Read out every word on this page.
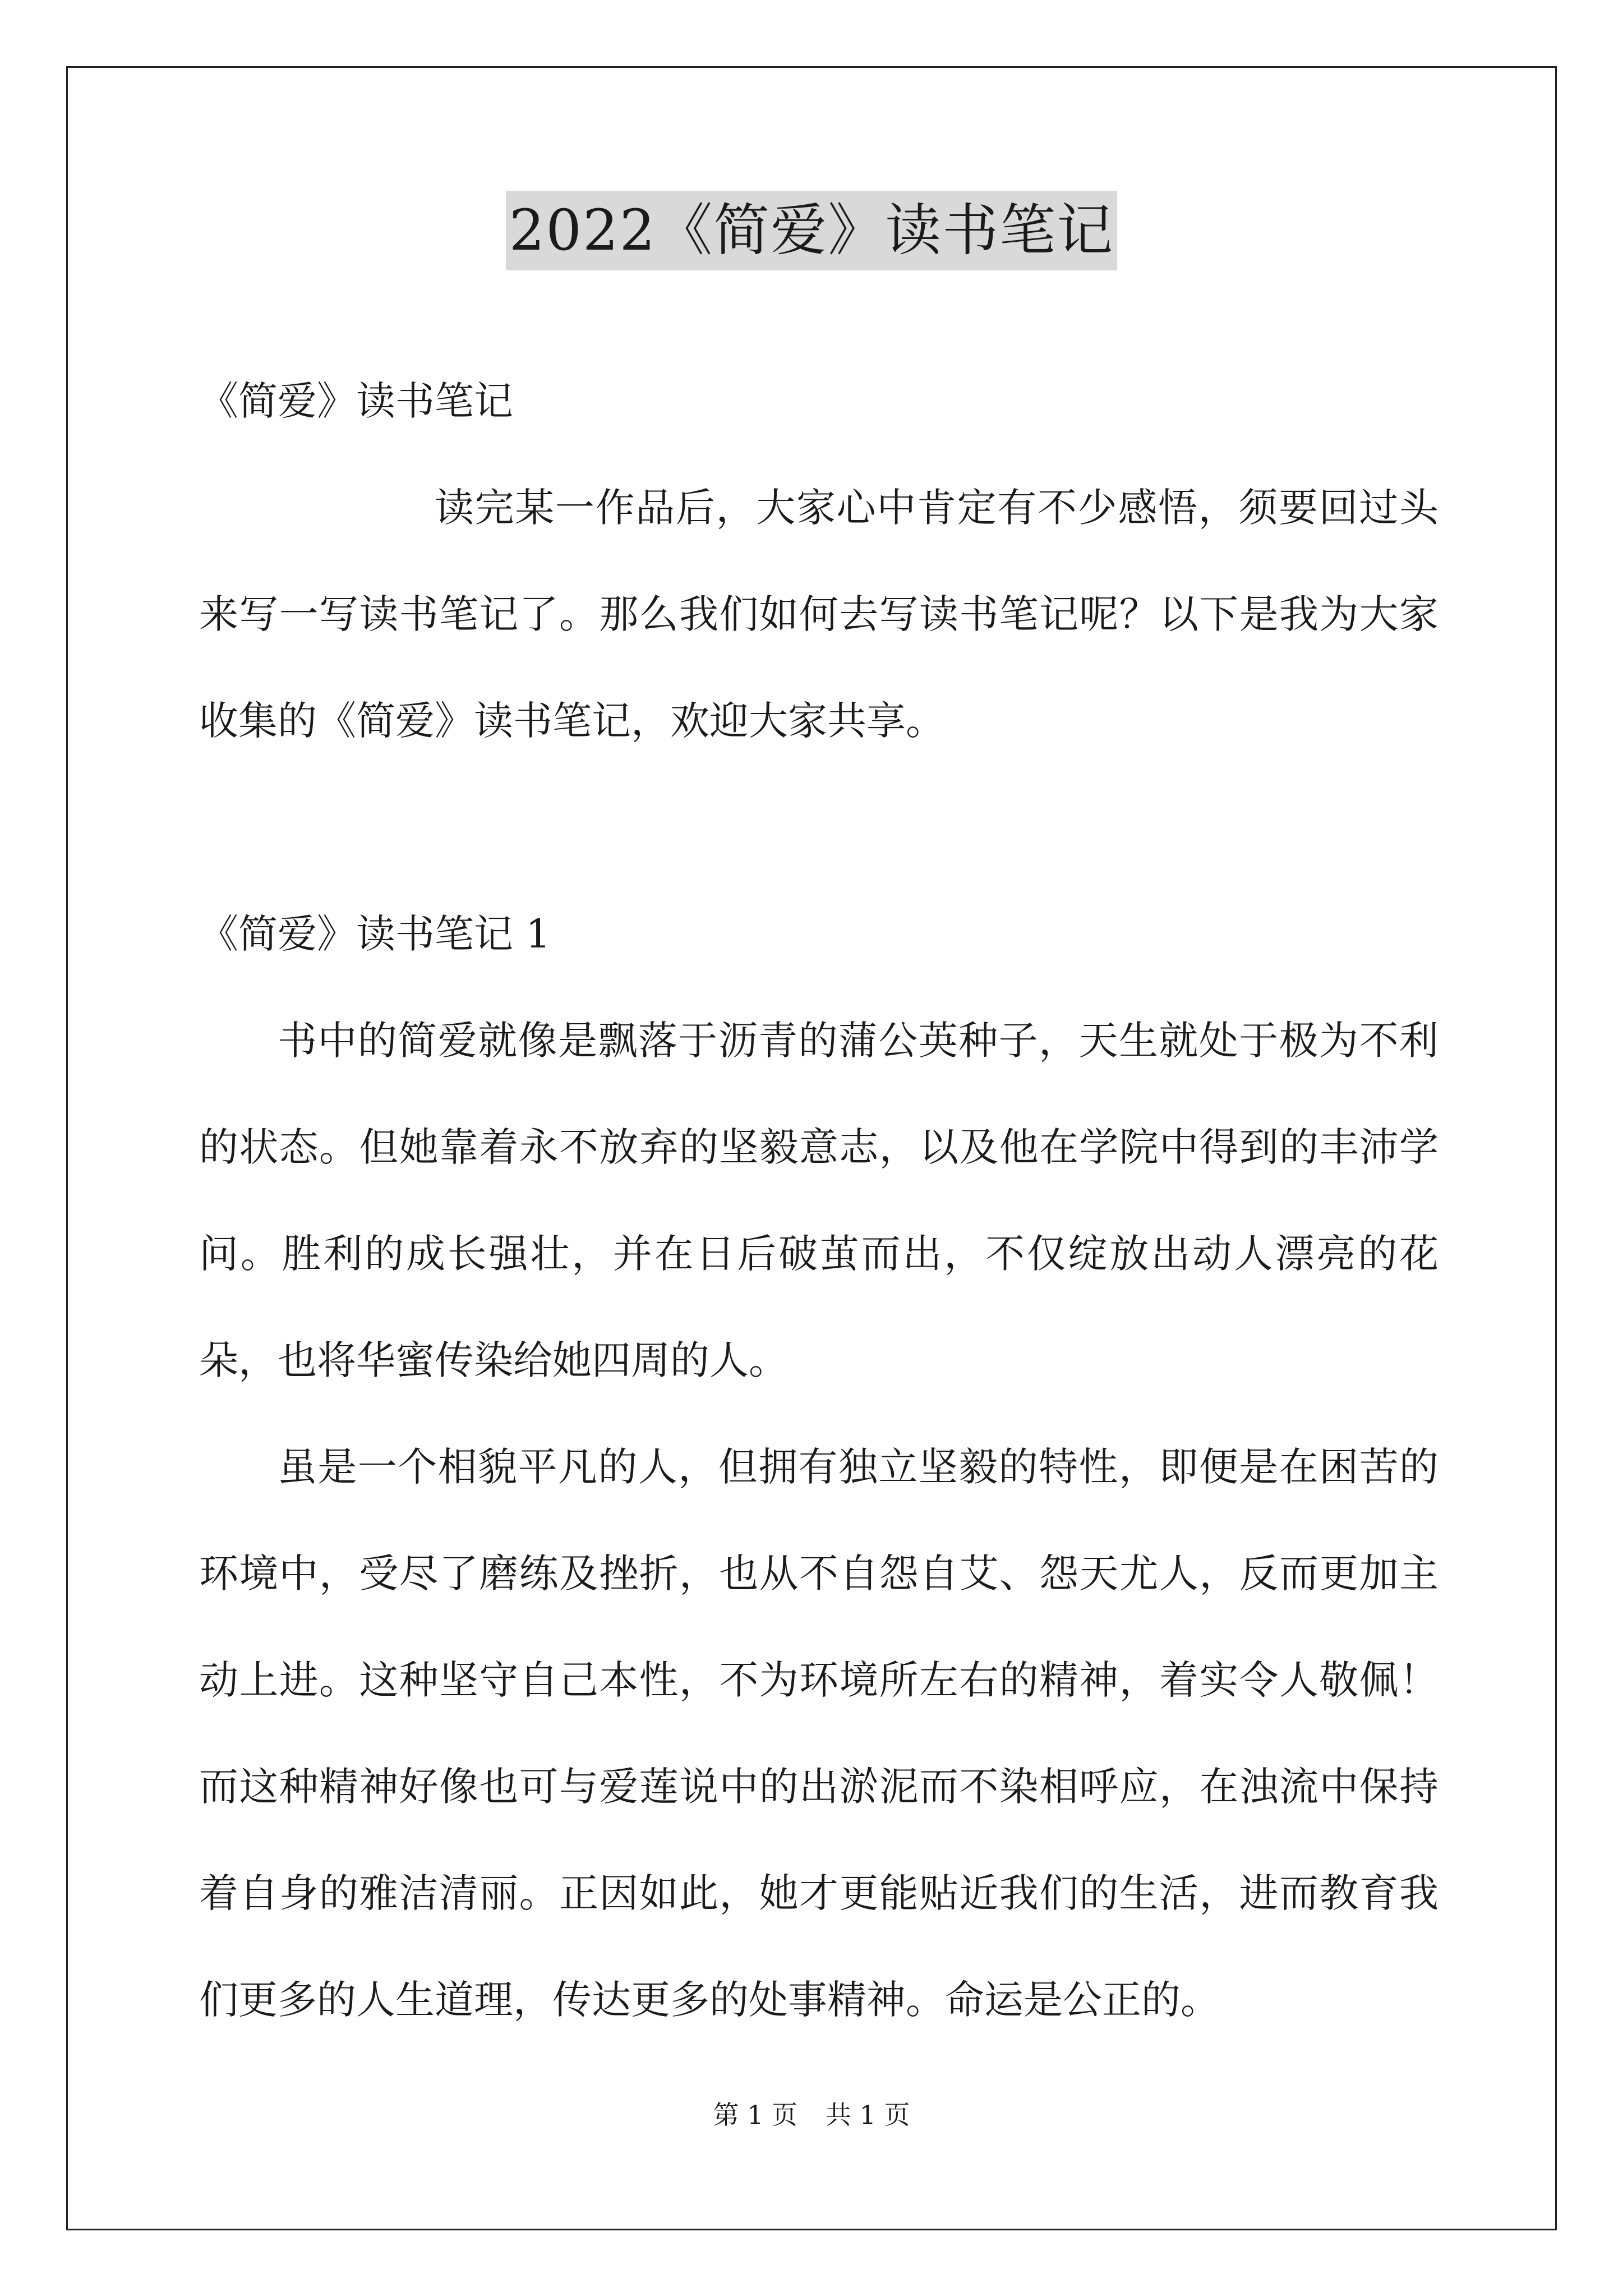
2022《简爱》读书笔记

《简爱》读书笔记

读完某一作品后，大家心中肯定有不少感悟，须要回过头来写一写读书笔记了。那么我们如何去写读书笔记呢？以下是我为大家收集的《简爱》读书笔记，欢迎大家共享。

《简爱》读书笔记 1

书中的简爱就像是飘落于沥青的蒲公英种子，天生就处于极为不利的状态。但她靠着永不放弃的坚毅意志，以及他在学院中得到的丰沛学问。胜利的成长强壮，并在日后破茧而出，不仅绽放出动人漂亮的花朵，也将华蜜传染给她四周的人。

虽是一个相貌平凡的人，但拥有独立坚毅的特性，即便是在困苦的环境中，受尽了磨练及挫折，也从不自怨自艾、怨天尤人，反而更加主动上进。这种坚守自己本性，不为环境所左右的精神，着实令人敬佩！而这种精神好像也可与爱莲说中的出淤泥而不染相呼应，在浊流中保持着自身的雅洁清丽。正因如此，她才更能贴近我们的生活，进而教育我们更多的人生道理，传达更多的处事精神。命运是公正的。

第 1 页 共 1 页
